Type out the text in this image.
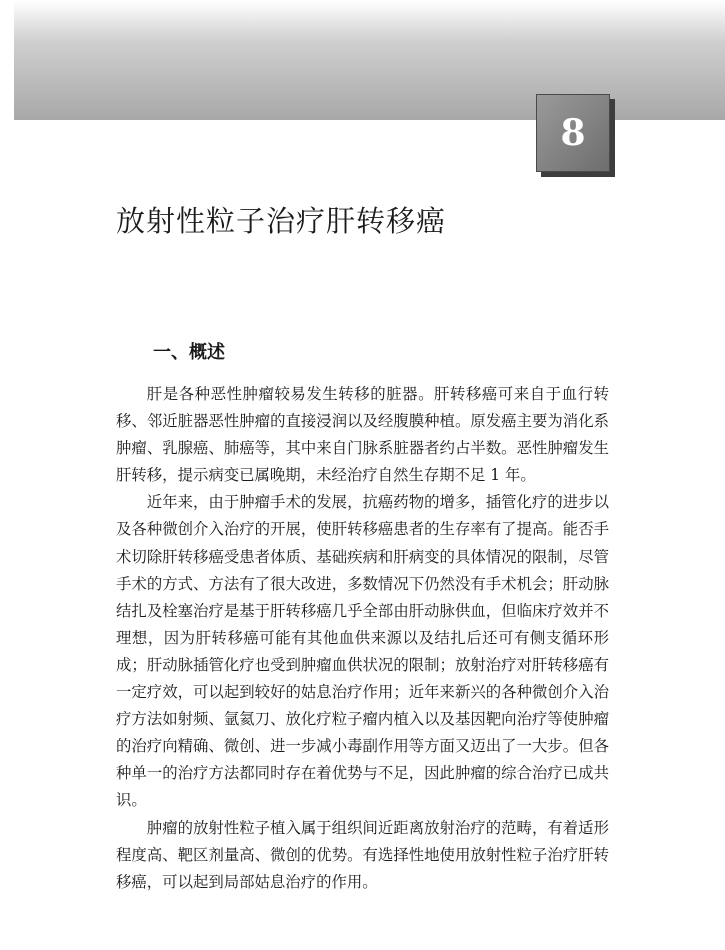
8
放射性粒子治疗肝转移癌
一、概述

肝是各种恶性肿瘤较易发生转移的脏器。肝转移癌可来自于血行转移、邻近脏器恶性肿瘤的直接浸润以及经腹膜种植。原发癌主要为消化系肿瘤、乳腺癌、肺癌等，其中来自门脉系脏器者约占半数。恶性肿瘤发生肝转移，提示病变已属晚期，未经治疗自然生存期不足 1 年。

近年来，由于肿瘤手术的发展，抗癌药物的增多，插管化疗的进步以及各种微创介入治疗的开展，使肝转移癌患者的生存率有了提高。能否手术切除肝转移癌受患者体质、基础疾病和肝病变的具体情况的限制，尽管手术的方式、方法有了很大改进，多数情况下仍然没有手术机会；肝动脉结扎及栓塞治疗是基于肝转移癌几乎全部由肝动脉供血，但临床疗效并不理想，因为肝转移癌可能有其他血供来源以及结扎后还可有侧支循环形成；肝动脉插管化疗也受到肿瘤血供状况的限制；放射治疗对肝转移癌有一定疗效，可以起到较好的姑息治疗作用；近年来新兴的各种微创介入治疗方法如射频、氩氦刀、放化疗粒子瘤内植入以及基因靶向治疗等使肿瘤的治疗向精确、微创、进一步减小毒副作用等方面又迈出了一大步。但各种单一的治疗方法都同时存在着优势与不足，因此肿瘤的综合治疗已成共识。

肿瘤的放射性粒子植入属于组织间近距离放射治疗的范畴，有着适形程度高、靶区剂量高、微创的优势。有选择性地使用放射性粒子治疗肝转移癌，可以起到局部姑息治疗的作用。
